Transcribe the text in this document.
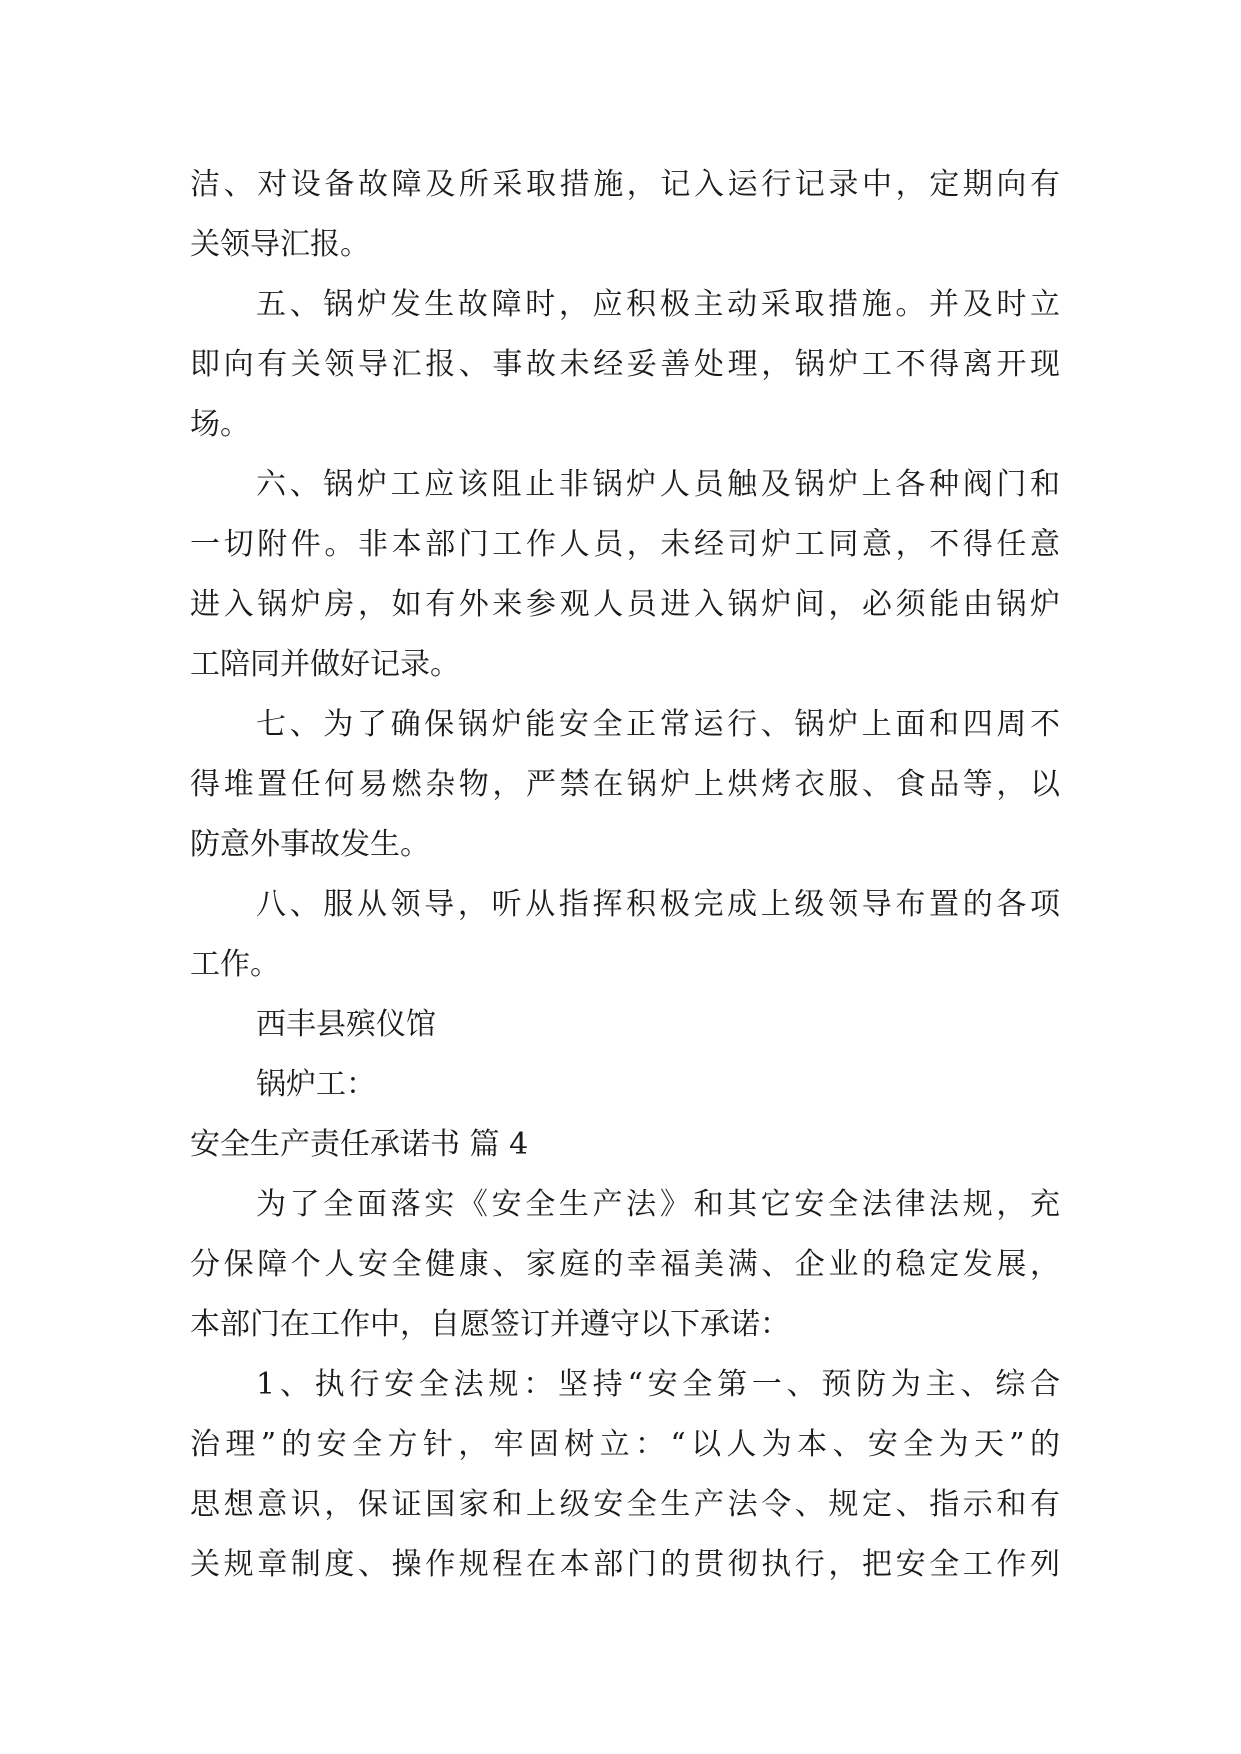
洁、对设备故障及所采取措施，记入运行记录中，定期向有
关领导汇报。
五、锅炉发生故障时，应积极主动采取措施。并及时立
即向有关领导汇报、事故未经妥善处理，锅炉工不得离开现
场。
六、锅炉工应该阻止非锅炉人员触及锅炉上各种阀门和
一切附件。非本部门工作人员，未经司炉工同意，不得任意
进入锅炉房，如有外来参观人员进入锅炉间，必须能由锅炉
工陪同并做好记录。
七、为了确保锅炉能安全正常运行、锅炉上面和四周不
得堆置任何易燃杂物，严禁在锅炉上烘烤衣服、食品等，以
防意外事故发生。
八、服从领导，听从指挥积极完成上级领导布置的各项
工作。
西丰县殡仪馆
锅炉工：
安全生产责任承诺书 篇 4
为了全面落实《安全生产法》和其它安全法律法规，充
分保障个人安全健康、家庭的幸福美满、企业的稳定发展，
本部门在工作中，自愿签订并遵守以下承诺：
1、执行安全法规：坚持“安全第一、预防为主、综合
治理”的安全方针，牢固树立：“以人为本、安全为天”的
思想意识，保证国家和上级安全生产法令、规定、指示和有
关规章制度、操作规程在本部门的贯彻执行，把安全工作列
